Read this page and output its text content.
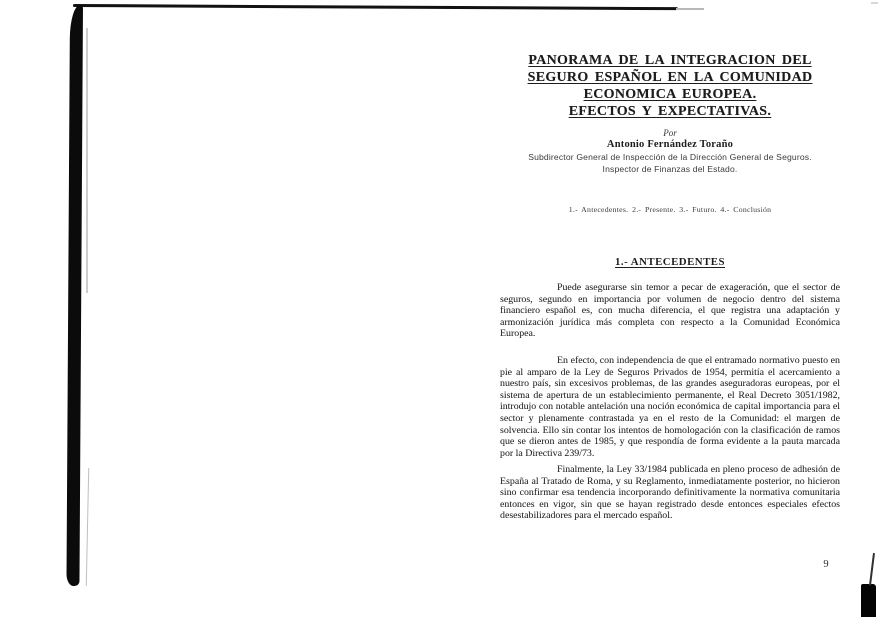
PANORAMA DE LA INTEGRACION DEL
SEGURO ESPAÑOL EN LA COMUNIDAD
ECONOMICA EUROPEA.
EFECTOS Y EXPECTATIVAS.
Por
Antonio Fernández Toraño
Subdirector General de Inspección de la Dirección General de Seguros.
Inspector de Finanzas del Estado.
1.- Antecedentes. 2.- Presente. 3.- Futuro. 4.- Conclusión
1.- ANTECEDENTES

Puede asegurarse sin temor a pecar de exageración, que el sector de seguros, segundo en importancia por volumen de negocio dentro del sistema financiero español es, con mucha diferencia, el que registra una adaptación y armonización jurídica más completa con respecto a la Comunidad Económica Europea.

En efecto, con independencia de que el entramado normativo puesto en pie al amparo de la Ley de Seguros Privados de 1954, permitía el acercamiento a nuestro país, sin excesivos problemas, de las grandes aseguradoras europeas, por el sistema de apertura de un establecimiento permanente, el Real Decreto 3051/1982, introdujo con notable antelación una noción económica de capital importancia para el sector y plenamente contrastada ya en el resto de la Comunidad: el margen de solvencia. Ello sin contar los intentos de homologación con la clasificación de ramos que se dieron antes de 1985, y que respondía de forma evidente a la pauta marcada por la Directiva 239/73.

Finalmente, la Ley 33/1984 publicada en pleno proceso de adhesión de España al Tratado de Roma, y su Reglamento, inmediatamente posterior, no hicieron sino confirmar esa tendencia incorporando definitivamente la normativa comunitaria entonces en vigor, sin que se hayan registrado desde entonces especiales efectos desestabilizadores para el mercado español.

9
